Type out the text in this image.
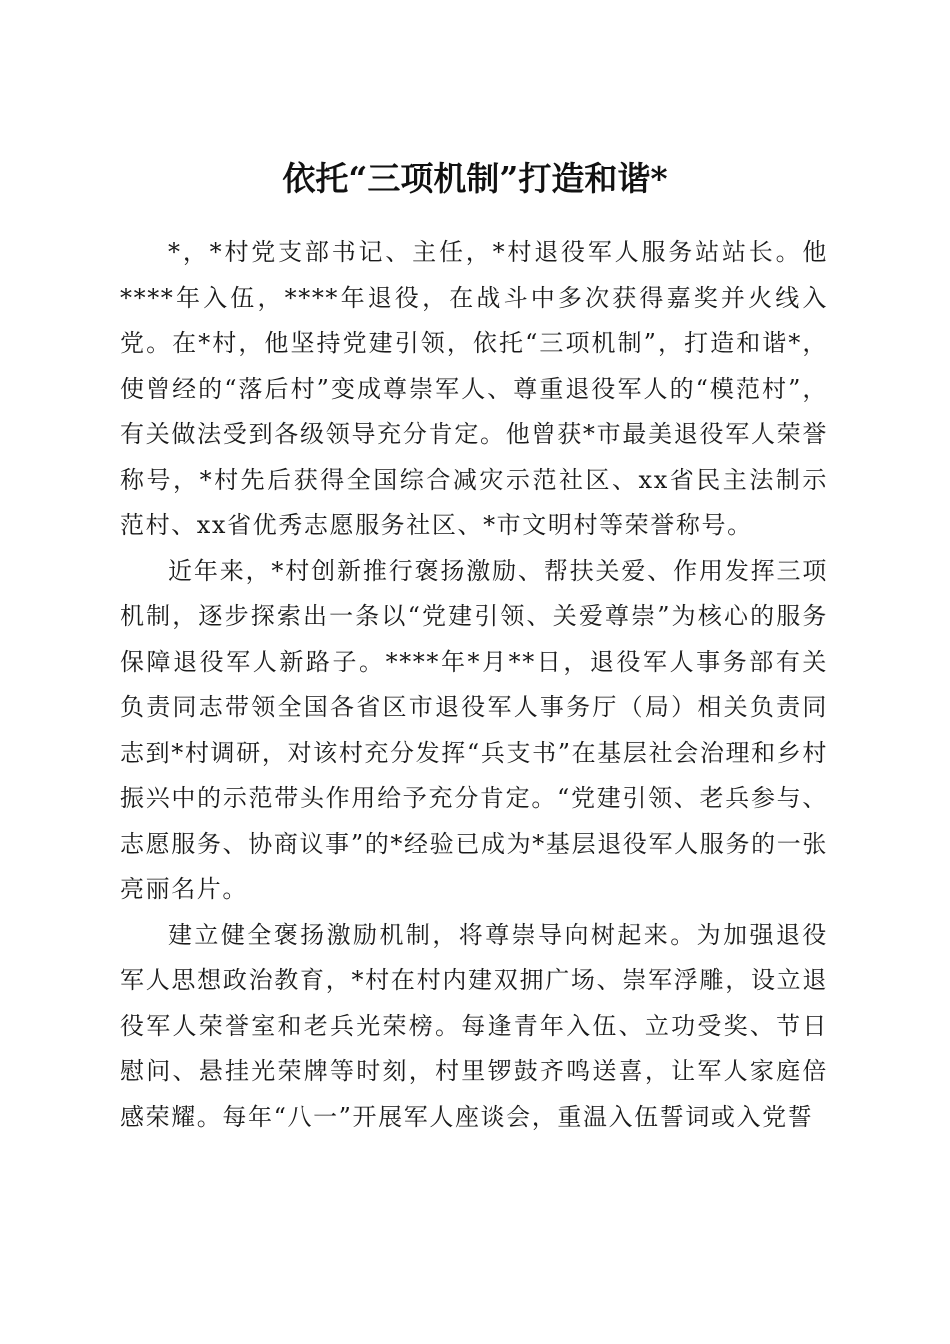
依托“三项机制”打造和谐*

*，*村党支部书记、主任，*村退役军人服务站站长。他****年入伍，****年退役，在战斗中多次获得嘉奖并火线入党。在*村，他坚持党建引领，依托“三项机制”，打造和谐*，使曾经的“落后村”变成尊崇军人、尊重退役军人的“模范村”，有关做法受到各级领导充分肯定。他曾获*市最美退役军人荣誉称号，*村先后获得全国综合减灾示范社区、xx省民主法制示范村、xx省优秀志愿服务社区、*市文明村等荣誉称号。

近年来，*村创新推行褒扬激励、帮扶关爱、作用发挥三项机制，逐步探索出一条以“党建引领、关爱尊崇”为核心的服务保障退役军人新路子。****年*月**日，退役军人事务部有关负责同志带领全国各省区市退役军人事务厅（局）相关负责同志到*村调研，对该村充分发挥“兵支书”在基层社会治理和乡村振兴中的示范带头作用给予充分肯定。“党建引领、老兵参与、志愿服务、协商议事”的*经验已成为*基层退役军人服务的一张亮丽名片。

建立健全褒扬激励机制，将尊崇导向树起来。为加强退役军人思想政治教育，*村在村内建双拥广场、崇军浮雕，设立退役军人荣誉室和老兵光荣榜。每逢青年入伍、立功受奖、节日慰问、悬挂光荣牌等时刻，村里锣鼓齐鸣送喜，让军人家庭倍感荣耀。每年“八一”开展军人座谈会，重温入伍誓词或入党誓
